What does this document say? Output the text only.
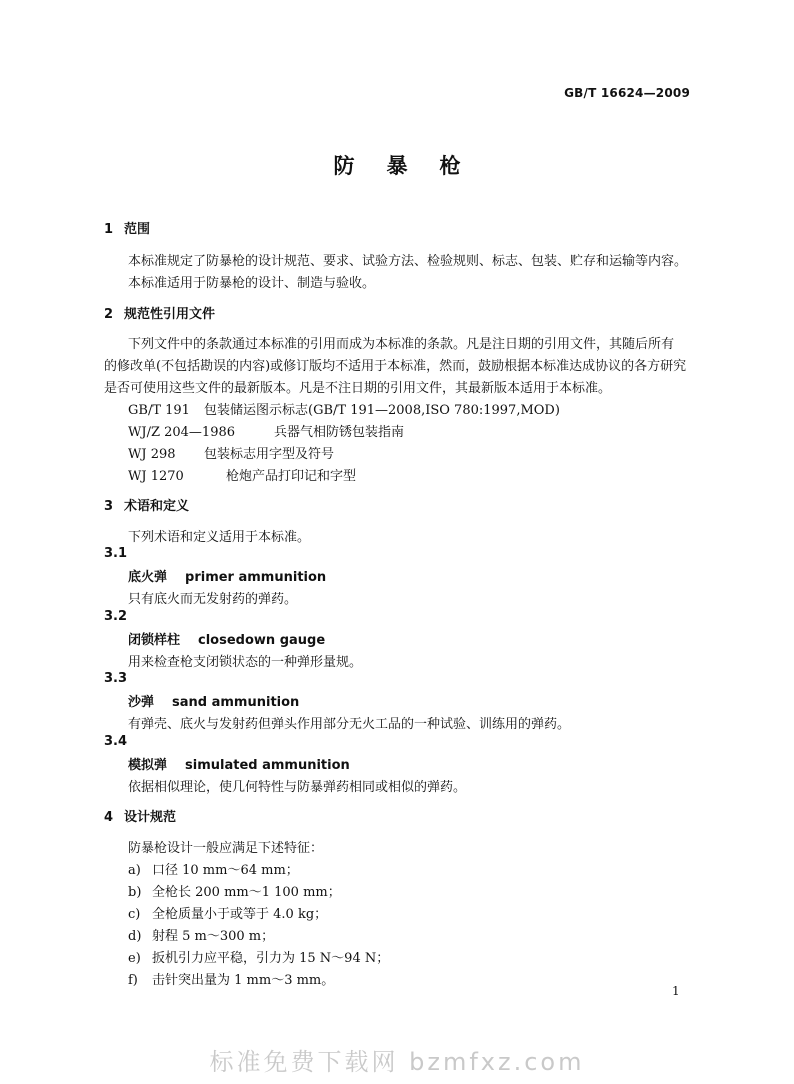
GB/T 16624—2009
防暴枪
1 范围
本标准规定了防暴枪的设计规范、要求、试验方法、检验规则、标志、包装、贮存和运输等内容。
本标准适用于防暴枪的设计、制造与验收。
2 规范性引用文件
下列文件中的条款通过本标准的引用而成为本标准的条款。凡是注日期的引用文件，其随后所有
的修改单(不包括勘误的内容)或修订版均不适用于本标准，然而，鼓励根据本标准达成协议的各方研究
是否可使用这些文件的最新版本。凡是不注日期的引用文件，其最新版本适用于本标准。
GB/T 191 包装储运图示标志(GB/T 191—2008,ISO 780:1997,MOD)
WJ/Z 204—1986	兵器气相防锈包装指南
WJ 298 包装标志用字型及符号
WJ 1270	枪炮产品打印记和字型
3 术语和定义
下列术语和定义适用于本标准。
3.1
底火弹 primer ammunition
只有底火而无发射药的弹药。
3.2
闭锁样柱 closedown gauge
用来检查枪支闭锁状态的一种弹形量规。
3.3
沙弹 sand ammunition
有弹壳、底火与发射药但弹头作用部分无火工品的一种试验、训练用的弹药。
3.4
模拟弹 simulated ammunition
依据相似理论，使几何特性与防暴弹药相同或相似的弹药。
4 设计规范
防暴枪设计一般应满足下述特征：
a) 口径 10 mm～64 mm；
b) 全枪长 200 mm～1 100 mm；
c) 全枪质量小于或等于 4.0 kg；
d) 射程 5 m～300 m；
e) 扳机引力应平稳，引力为 15 N～94 N；
f) 击针突出量为 1 mm～3 mm。
1
标准免费下载网 bzmfxz.com
